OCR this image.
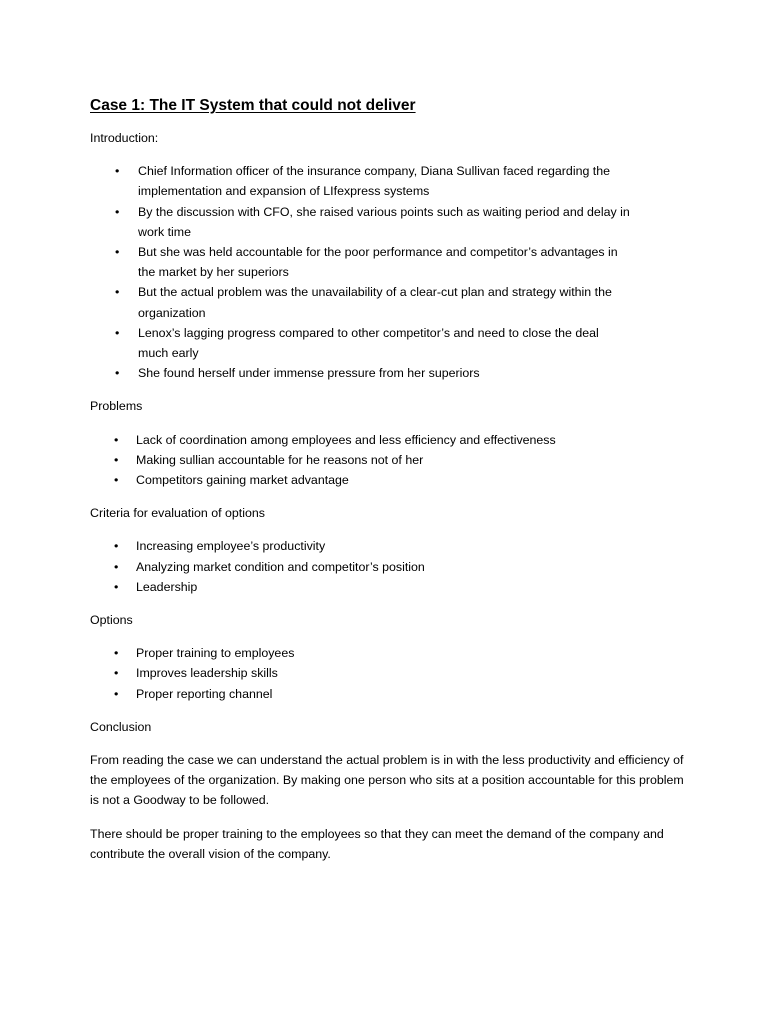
Case 1: The IT System that could not deliver
Introduction:
• Chief Information officer of the insurance company, Diana Sullivan faced regarding the implementation and expansion of LIfexpress systems
• By the discussion with CFO, she raised various points such as waiting period and delay in work time
• But she was held accountable for the poor performance and competitor’s advantages in the market by her superiors
• But the actual problem was the unavailability of a clear-cut plan and strategy within the organization
• Lenox’s lagging progress compared to other competitor’s and need to close the deal much early
• She found herself under immense pressure from her superiors
Problems
• Lack of coordination among employees and less efficiency and effectiveness
• Making sullian accountable for he reasons not of her
• Competitors gaining market advantage
Criteria for evaluation of options
• Increasing employee’s productivity
• Analyzing market condition and competitor’s position
• Leadership
Options
• Proper training to employees
• Improves leadership skills
• Proper reporting channel
Conclusion
From reading the case we can understand the actual problem is in with the less productivity and efficiency of the employees of the organization. By making one person who sits at a position accountable for this problem is not a Goodway to be followed.
There should be proper training to the employees so that they can meet the demand of the company and contribute the overall vision of the company.
